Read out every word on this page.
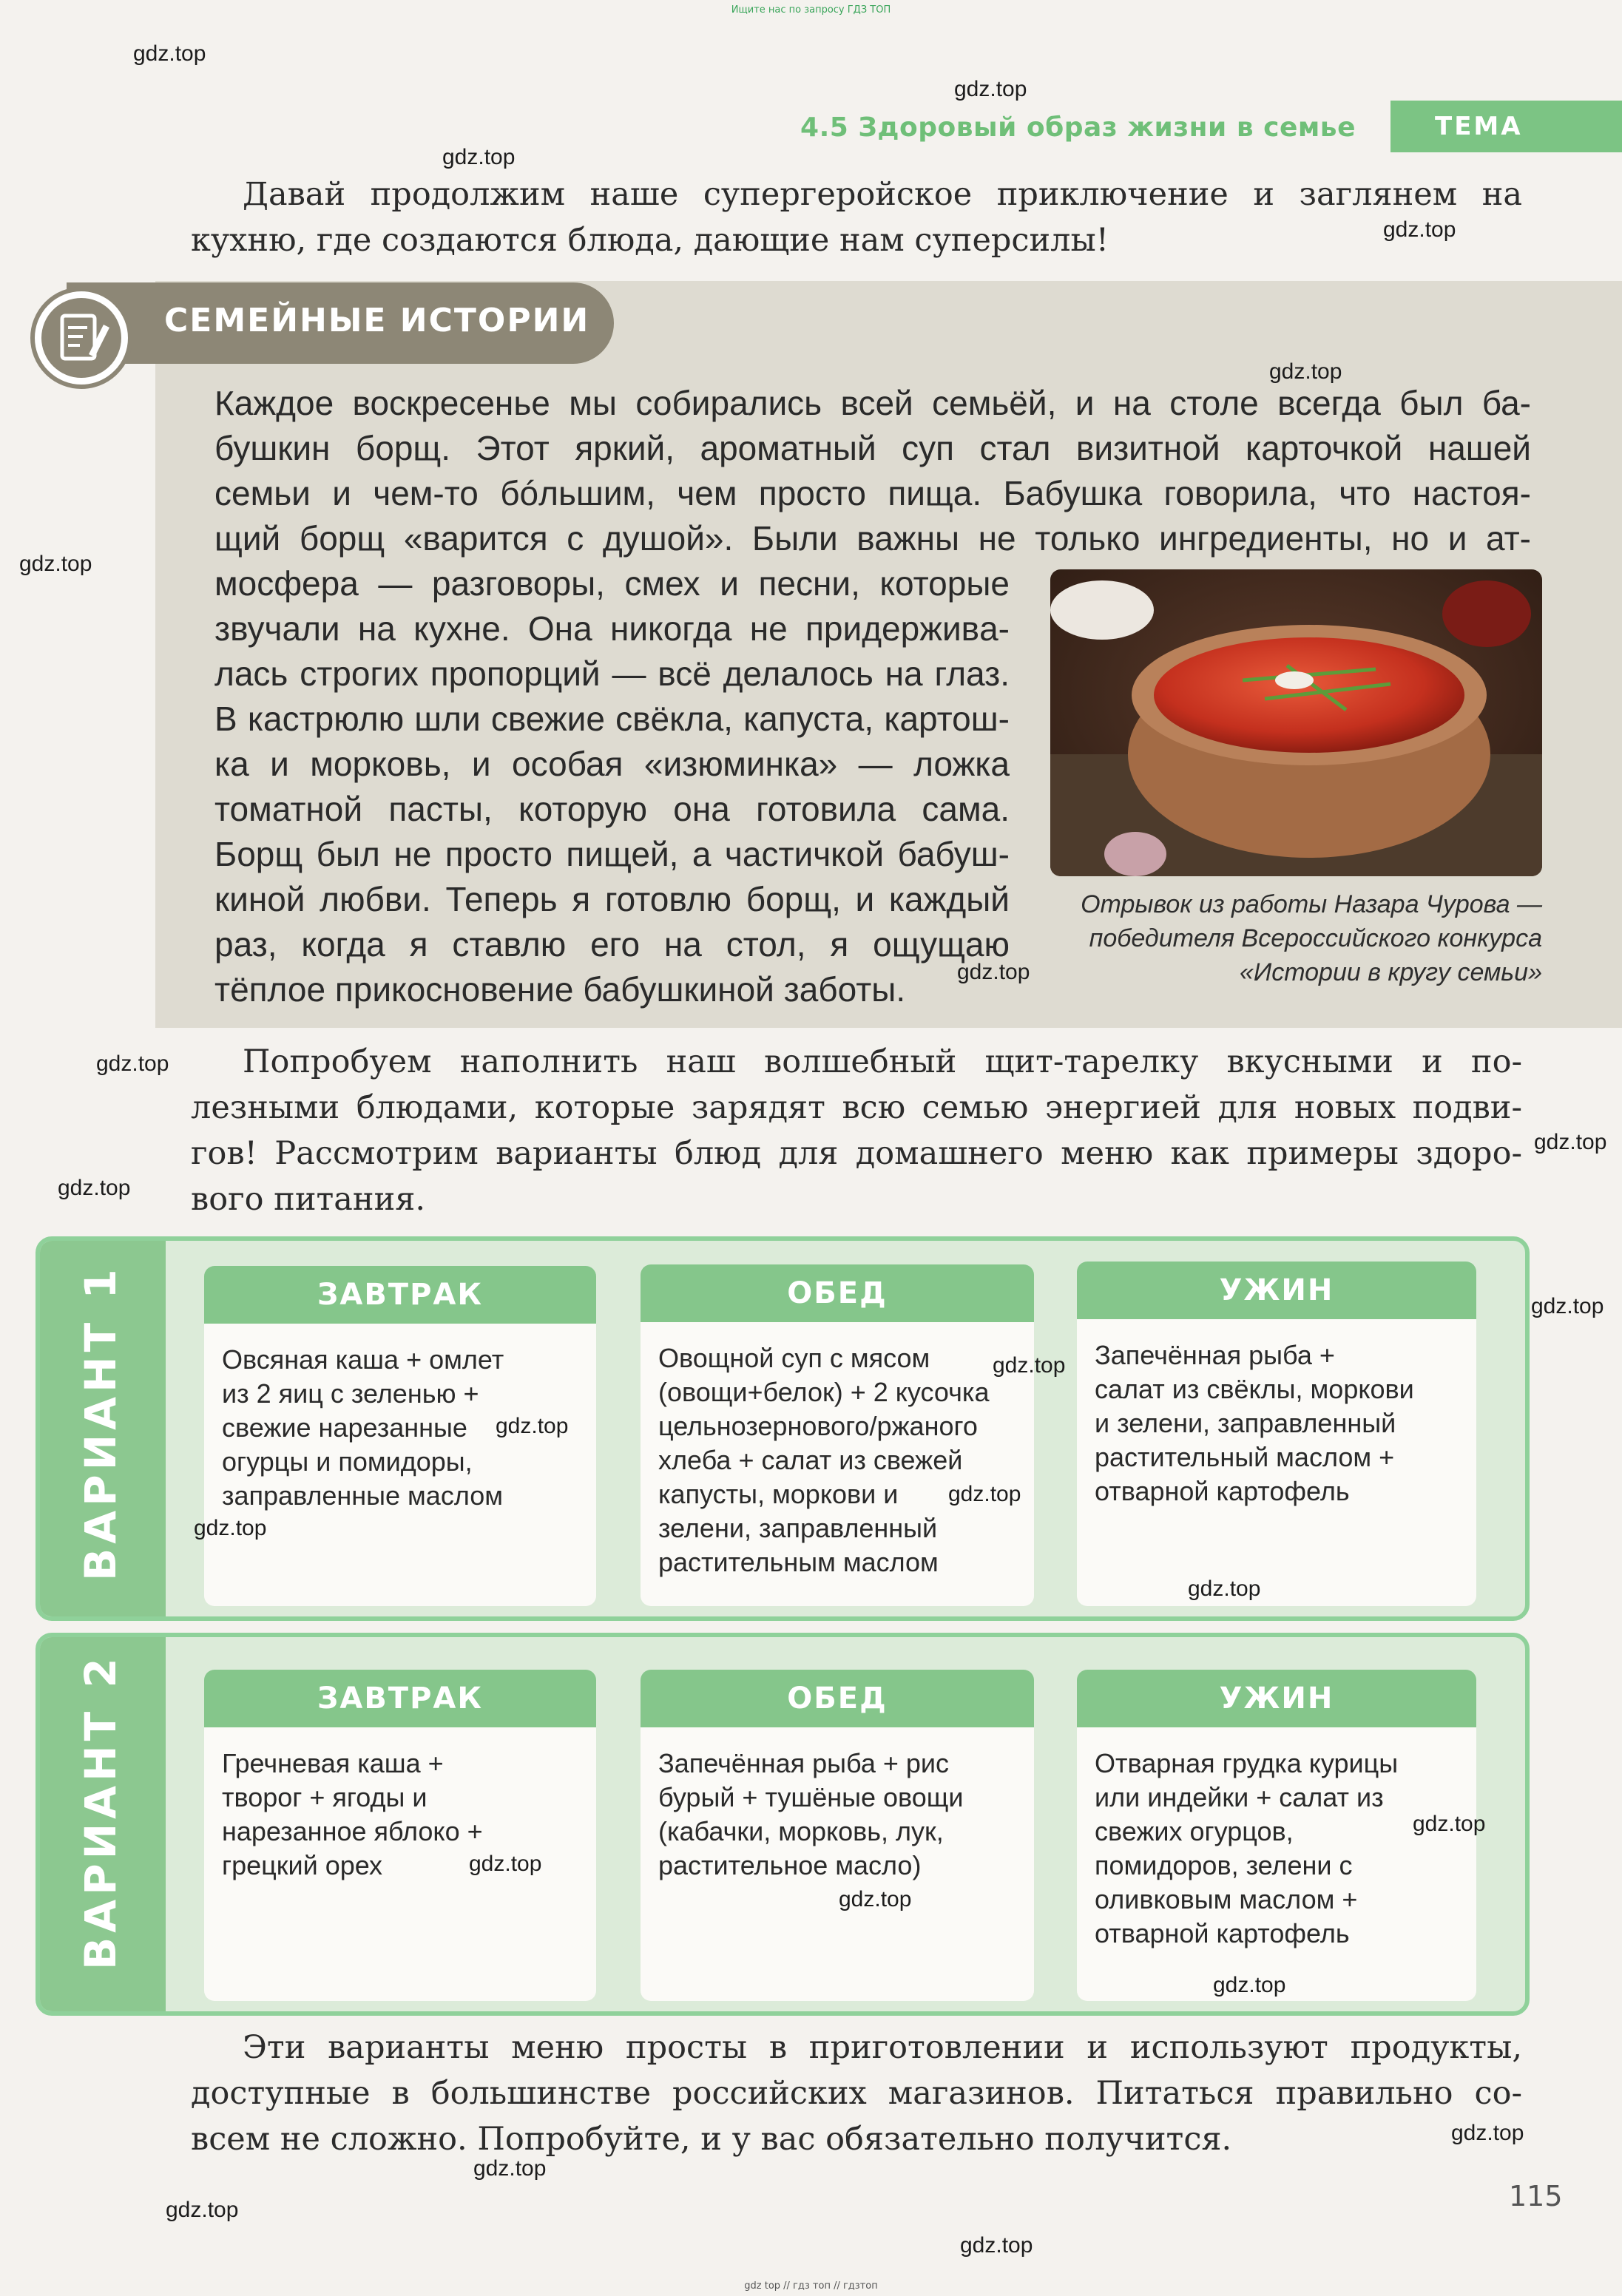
Ищите нас по запросу ГДЗ ТОП
gdz top // гдз топ // гдзтоп
4.5 Здоровый образ жизни в семье	ТЕМА
Давай продолжим наше супергеройское приключение и заглянем на
кухню, где создаются блюда, дающие нам суперсилы!
СЕМЕЙНЫЕ ИСТОРИИ
Каждое воскресенье мы собирались всей семьёй, и на столе всегда был ба-
бушкин борщ. Этот яркий, ароматный суп стал визитной карточкой нашей
семьи и чем-то бóльшим, чем просто пища. Бабушка говорила, что настоя-
щий борщ «варится с душой». Были важны не только ингредиенты, но и ат-
мосфера — разговоры, смех и песни, которые
звучали на кухне. Она никогда не придерживa-
лась строгих пропорций — всё делалось на глаз.
В кастрюлю шли свежие свёкла, капуста, картош-
ка и морковь, и особая «изюминка» — ложка
томатной пасты, которую она готовила сама.
Борщ был не просто пищей, а частичкой бабуш-
киной любви. Теперь я готовлю борщ, и каждый
раз, когда я ставлю его на стол, я ощущаю
тёплое прикосновение бабушкиной заботы.
Отрывок из работы Назара Чурова —
победителя Всероссийского конкурса
«Истории в кругу семьи»
Попробуем наполнить наш волшебный щит-тарелку вкусными и по-
лезными блюдами, которые зарядят всю семью энергией для новых подви-
гов! Рассмотрим варианты блюд для домашнего меню как примеры здоро-
вого питания.
ВАРИАНТ 1	ЗАВТРАК
Овсяная каша + омлет
из 2 яиц с зеленью +
свежие нарезанные
огурцы и помидоры,
заправленные маслом
ОБЕД
Овощной суп с мясом
(овощи+белок) + 2 кусочка
цельнозернового/ржаного
хлеба + салат из свежей
капусты, моркови и
зелени, заправленный
растительным маслом
УЖИН
Запечённая рыба +
салат из свёклы, моркови
и зелени, заправленный
растительный маслом +
отварной картофель
ВАРИАНТ 2	ЗАВТРАК
Гречневая каша +
творог + ягоды и
нарезанное яблоко +
грецкий орех
ОБЕД
Запечённая рыба + рис
бурый + тушёные овощи
(кабачки, морковь, лук,
растительное масло)
УЖИН
Отварная грудка курицы
или индейки + салат из
свежих огурцов,
помидоров, зелени с
оливковым маслом +
отварной картофель
Эти варианты меню просты в приготовлении и используют продукты,
доступные в большинстве российских магазинов. Питаться правильно со-
всем не сложно. Попробуйте, и у вас обязательно получится.
115
gdz.top
gdz.top
gdz.top
gdz.top
gdz.top
gdz.top
gdz.top
gdz.top
gdz.top
gdz.top
gdz.top
gdz.top
gdz.top
gdz.top
gdz.top
gdz.top
gdz.top
gdz.top
gdz.top
gdz.top
gdz.top
gdz.top
gdz.top
gdz.top
